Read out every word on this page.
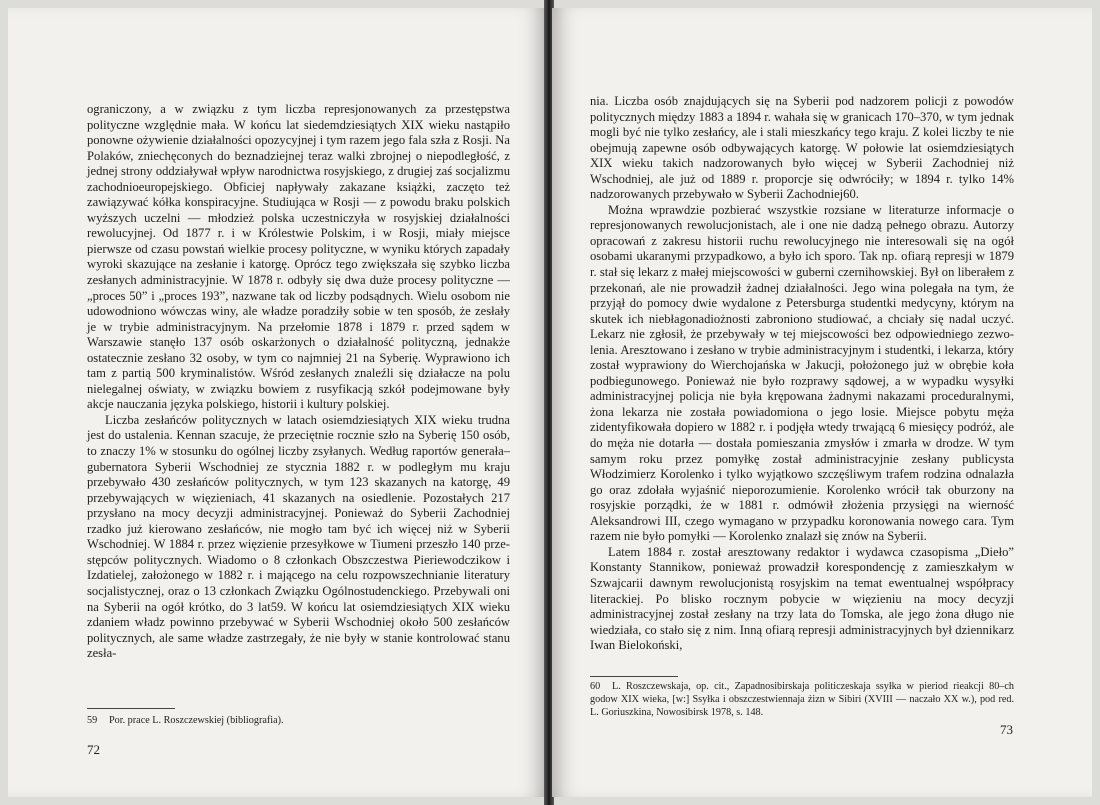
ograniczony, a w związku z tym liczba represjonowanych za przestępstwa polityczne względnie mała. W końcu lat siedemdziesiątych XIX wieku nastąpiło ponowne ożywienie działalności opozycyjnej i tym razem jego fala szła z Rosji. Na Polaków, zniechęconych do beznadziejnej teraz walki zbrojnej o niepodległość, z jednej strony oddziaływał wpływ narodnictwa rosyjskiego, z drugiej zaś socjalizmu zachodnioeuropejskiego. Obficiej napływały zakazane książki, zaczęto też zawiązywać kółka konspiracyjne. Studiująca w Rosji — z powodu braku polskich wyższych uczelni — młodzież polska uczestniczyła w rosyjskiej działalności rewolucyjnej. Od 1877 r. i w Królestwie Polskim, i w Rosji, miały miejsce pierwsze od czasu powstań wielkie procesy polityczne, w wyniku których zapadały wyroki skazujące na zesłanie i katorgę. Oprócz tego zwiększała się szybko liczba zesłanych administracyjnie. W 1878 r. odbyły się dwa duże procesy polityczne — „proces 50” i „proces 193”, nazwane tak od liczby podsądnych. Wielu osobom nie udowodniono wówczas winy, ale władze poradziły sobie w ten sposób, że zesłały je w trybie administracyjnym. Na przełomie 1878 i 1879 r. przed sądem w Warszawie stanęło 137 osób oskarżonych o działalność polityczną, jednakże ostatecznie zesłano 32 osoby, w tym co najmniej 21 na Syberię. Wyprawiono ich tam z partią 500 kryminalistów. Wśród zesłanych znaleźli się działacze na polu nielegalnej oświaty, w związku bowiem z rusyfikacją szkół podejmowane były akcje nauczania języka polskiego, historii i kultury polskiej.

Liczba zesłańców politycznych w latach osiemdziesiątych XIX wieku trudna jest do ustalenia. Kennan szacuje, że przeciętnie rocznie szło na Syberię 150 osób, to znaczy 1% w stosunku do ogólnej liczby zsyłanych. Według raportów generała–gubernatora Syberii Wschodniej ze stycznia 1882 r. w podległym mu kraju przebywało 430 zesłańców politycznych, w tym 123 skazanych na katorgę, 49 przebywających w więzieniach, 41 skazanych na osiedlenie. Pozostałych 217 przysłano na mocy decyzji administracyjnej. Ponieważ do Syberii Zachodniej rzadko już kierowano zesłańców, nie mogło tam być ich więcej niż w Syberii Wschodniej. W 1884 r. przez więzienie przesyłkowe w Tiumeni przeszło 140 przestępców politycznych. Wiadomo o 8 członkach Obszczestwa Pieriewodczikow i Izdatielej, założonego w 1882 r. i mającego na celu rozpowszechnianie literatury socjalistycznej, oraz o 13 członkach Związku Ogólnostudenckiego. Przebywali oni na Syberii na ogół krótko, do 3 lat59. W końcu lat osiemdziesiątych XIX wieku zdaniem władz powinno przebywać w Syberii Wschodniej około 500 zesłańców politycznych, ale same władze zastrzegały, że nie były w stanie kontrolować stanu zesła-

59 Por. prace L. Roszczewskiej (bibliografia).
72

nia. Liczba osób znajdujących się na Syberii pod nadzorem policji z powodów politycznych między 1883 a 1894 r. wahała się w granicach 170–370, w tym jednak mogli być nie tylko zesłańcy, ale i stali mieszkańcy tego kraju. Z kolei liczby te nie obejmują zapewne osób odbywających katorgę. W połowie lat osiemdziesiątych XIX wieku takich nadzorowanych było więcej w Syberii Zachodniej niż Wschodniej, ale już od 1889 r. proporcje się odwróciły; w 1894 r. tylko 14% nadzorowanych przebywało w Syberii Zachodniej60.

Można wprawdzie pozbierać wszystkie rozsiane w literaturze informacje o represjonowanych rewolucjonistach, ale i one nie dadzą pełnego obrazu. Autorzy opracowań z zakresu historii ruchu rewolucyjnego nie interesowali się na ogół osobami ukaranymi przypadkowo, a było ich sporo. Tak np. ofiarą represji w 1879 r. stał się lekarz z małej miejscowości w guberni czernihowskiej. Był on liberałem z przekonań, ale nie prowadził żadnej działalności. Jego wina polegała na tym, że przyjął do pomocy dwie wydalone z Petersburga studentki medycyny, którym na skutek ich niebłagonadiożnosti zabroniono studiować, a chciały się nadal uczyć. Lekarz nie zgłosił, że przebywały w tej miejscowości bez odpowiedniego zezwolenia. Aresztowano i zesłano w trybie administracyjnym i studentki, i lekarza, który został wyprawiony do Wierchojańska w Jakucji, położonego już w obrębie koła podbiegunowego. Ponieważ nie było rozprawy sądowej, a w wypadku wysyłki administracyjnej policja nie była krępowana żadnymi nakazami proceduralnymi, żona lekarza nie została powiadomiona o jego losie. Miejsce pobytu męża zidentyfikowała dopiero w 1882 r. i podjęła wtedy trwającą 6 miesięcy podróż, ale do męża nie dotarła — dostała pomieszania zmysłów i zmarła w drodze. W tym samym roku przez pomyłkę został administracyjnie zesłany publicysta Włodzimierz Korolenko i tylko wyjątkowo szczęśliwym trafem rodzina odnalazła go oraz zdołała wyjaśnić nieporozumienie. Korolenko wrócił tak oburzony na rosyjskie porządki, że w 1881 r. odmówił złożenia przysięgi na wierność Aleksandrowi III, czego wymagano w przypadku koronowania nowego cara. Tym razem nie było pomyłki — Korolenko znalazł się znów na Syberii.

Latem 1884 r. został aresztowany redaktor i wydawca czasopisma „Dieło” Konstanty Stannikow, ponieważ prowadził korespondencję z zamieszkałym w Szwajcarii dawnym rewolucjonistą rosyjskim na temat ewentualnej współpracy literackiej. Po blisko rocznym pobycie w więzieniu na mocy decyzji administracyjnej został zesłany na trzy lata do Tomska, ale jego żona długo nie wiedziała, co stało się z nim. Inną ofiarą represji administracyjnych był dziennikarz Iwan Bielokoński,

60 L. Roszczewskaja, op. cit., Zapadnosibirskaja politiczeskaja ssyłka w pieriod rieakcji 80–ch godow XIX wieka, [w:] Ssyłka i obszczestwiennaja żizn w Sibiri (XVIII — naczało XX w.), pod red. L. Goriuszkina, Nowosibirsk 1978, s. 148.
73
